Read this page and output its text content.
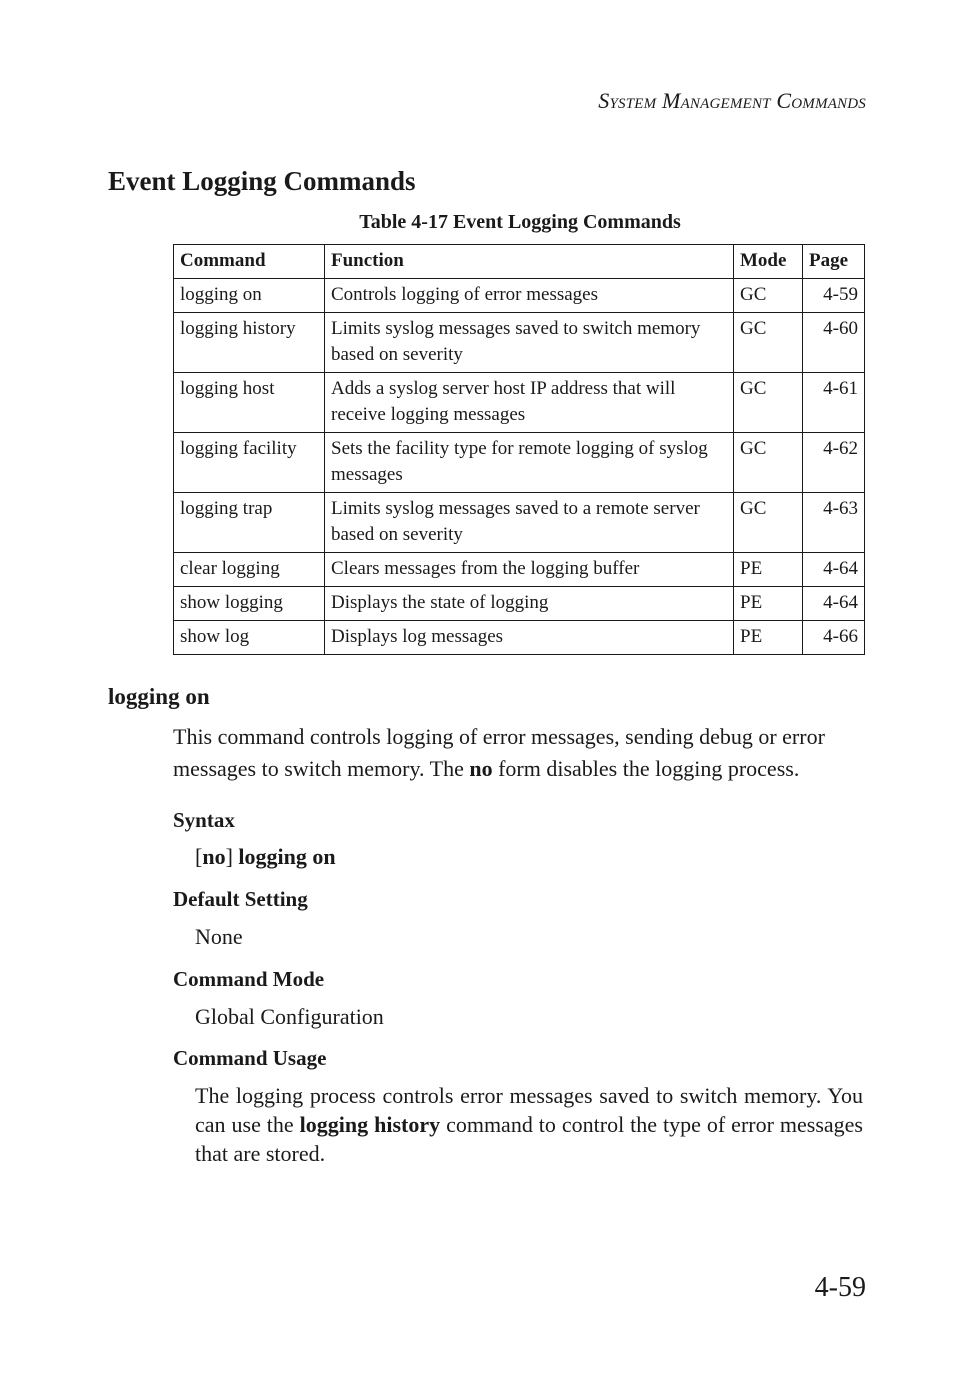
System Management Commands
Event Logging Commands
Table 4-17 Event Logging Commands
Command	Function	Mode	Page
logging on	Controls logging of error messages	GC	4-59
logging history	Limits syslog messages saved to switch memory based on severity	GC	4-60
logging host	Adds a syslog server host IP address that will receive logging messages	GC	4-61
logging facility	Sets the facility type for remote logging of syslog messages	GC	4-62
logging trap	Limits syslog messages saved to a remote server based on severity	GC	4-63
clear logging	Clears messages from the logging buffer	PE	4-64
show logging	Displays the state of logging	PE	4-64
show log	Displays log messages	PE	4-66
logging on

This command controls logging of error messages, sending debug or error messages to switch memory. The no form disables the logging process.

Syntax

[no] logging on

Default Setting

None

Command Mode

Global Configuration

Command Usage

The logging process controls error messages saved to switch memory. You can use the logging history command to control the type of error messages that are stored.

4-59
